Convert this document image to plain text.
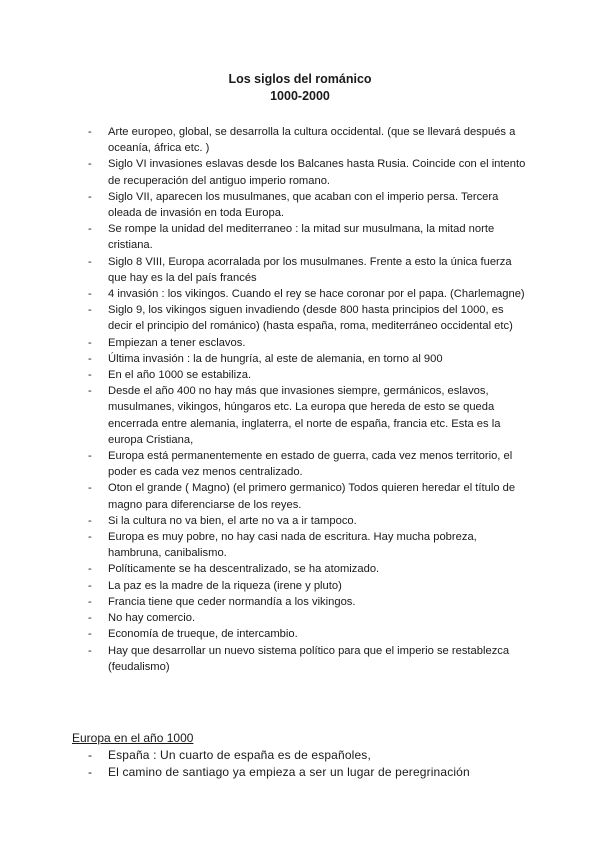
Los siglos del románico
1000-2000
- Arte europeo, global, se desarrolla la cultura occidental. (que se llevará después a oceanía, áfrica etc. )
- Siglo VI invasiones eslavas desde los Balcanes hasta Rusia. Coincide con el intento de recuperación del antiguo imperio romano.
- Siglo VII, aparecen los musulmanes, que acaban con el imperio persa. Tercera oleada de invasión en toda Europa.
- Se rompe la unidad del mediterraneo : la mitad sur musulmana, la mitad norte cristiana.
- Siglo 8 VIII, Europa acorralada por los musulmanes. Frente a esto la única fuerza que hay es la del país francés
- 4 invasión : los vikingos. Cuando el rey se hace coronar por el papa. (Charlemagne)
- Siglo 9, los vikingos siguen invadiendo (desde 800 hasta principios del 1000, es decir el principio del románico) (hasta españa, roma, mediterráneo occidental etc)
- Empiezan a tener esclavos.
- Última invasión : la de hungría, al este de alemania, en torno al 900
- En el año 1000 se estabiliza.
- Desde el año 400 no hay más que invasiones siempre, germánicos, eslavos, musulmanes, vikingos, húngaros etc. La europa que hereda de esto se queda encerrada entre alemania, inglaterra, el norte de españa, francia etc. Esta es la europa Cristiana,
- Europa está permanentemente en estado de guerra, cada vez menos territorio, el poder es cada vez menos centralizado.
- Oton el grande ( Magno) (el primero germanico) Todos quieren heredar el título de magno para diferenciarse de los reyes.
- Si la cultura no va bien, el arte no va a ir tampoco.
- Europa es muy pobre, no hay casi nada de escritura. Hay mucha pobreza, hambruna, canibalismo.
- Políticamente se ha descentralizado, se ha atomizado.
- La paz es la madre de la riqueza (irene y pluto)
- Francia tiene que ceder normandía a los vikingos.
- No hay comercio.
- Economía de trueque, de intercambio.
- Hay que desarrollar un nuevo sistema político para que el imperio se restablezca (feudalismo)
Europa en el año 1000
- España : Un cuarto de españa es de españoles,
- El camino de santiago ya empieza a ser un lugar de peregrinación
